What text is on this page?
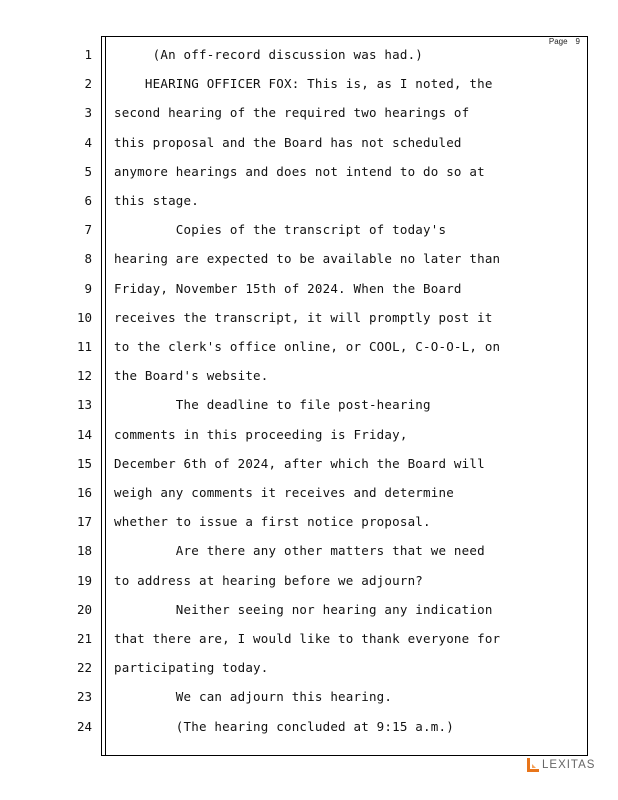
Page 9
1 (An off-record discussion was had.)
2 HEARING OFFICER FOX: This is, as I noted, the
3 second hearing of the required two hearings of
4 this proposal and the Board has not scheduled
5 anymore hearings and does not intend to do so at
6 this stage.
7 Copies of the transcript of today's
8 hearing are expected to be available no later than
9 Friday, November 15th of 2024. When the Board
10 receives the transcript, it will promptly post it
11 to the clerk's office online, or COOL, C-O-O-L, on
12 the Board's website.
13 The deadline to file post-hearing
14 comments in this proceeding is Friday,
15 December 6th of 2024, after which the Board will
16 weigh any comments it receives and determine
17 whether to issue a first notice proposal.
18 Are there any other matters that we need
19 to address at hearing before we adjourn?
20 Neither seeing nor hearing any indication
21 that there are, I would like to thank everyone for
22 participating today.
23 We can adjourn this hearing.
24 (The hearing concluded at 9:15 a.m.)
LEXITAS
